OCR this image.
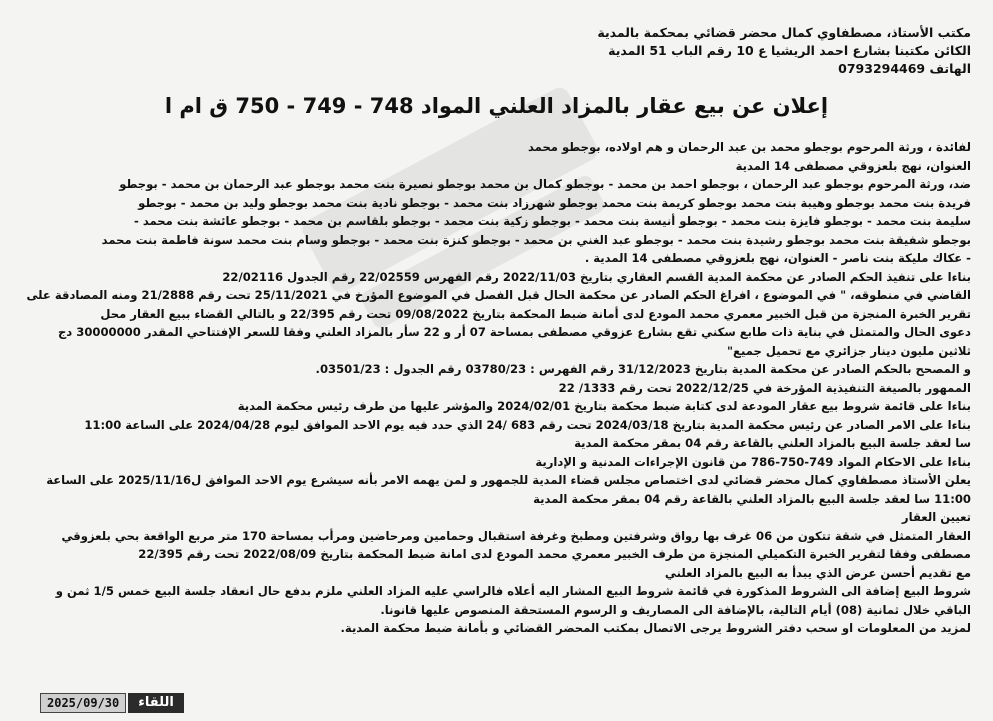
مكتب الأستاذ، مصطفاوي كمال محضر قضائي بمحكمة بالمدية
الكائن مكتبنا بشارع احمد الريشيا ع 10 رقم الباب 51 المدية
الهاتف 0793294469
إعلان عن بيع عقار بالمزاد العلني المواد 748 - 749 - 750 ق ام ا
لفائدة ، ورثة المرحوم بوجطو محمد بن عبد الرحمان و هم اولاده، بوجطو محمد
العنوان، نهج بلعزوقي مصطفى 14 المدية
ضد، ورثة المرحوم بوجطو عبد الرحمان ، بوجطو احمد بن محمد - بوجطو كمال بن محمد بوجطو نصيرة بنت محمد بوجطو عبد الرحمان بن محمد - بوجطو
فريدة بنت محمد بوجطو وهيبة بنت محمد بوجطو كريمة بنت محمد بوجطو شهرزاد بنت محمد - بوجطو نادية بنت محمد بوجطو وليد بن محمد - بوجطو
سليمة بنت محمد - بوجطو فايزة بنت محمد - بوجطو أنيسة بنت محمد - بوجطو زكية بنت محمد - بوجطو بلقاسم بن محمد - بوجطو عائشة بنت محمد -
بوجطو شفيقة بنت محمد بوجطو رشيدة بنت محمد - بوجطو عبد الغني بن محمد - بوجطو كنزة بنت محمد - بوجطو وسام بنت محمد سونة فاطمة بنت محمد
- عكاك مليكة بنت ناصر - العنوان، نهج بلعزوقي مصطفى 14 المدية .
بناءا على تنفيذ الحكم الصادر عن محكمة المدية القسم العقاري بتاريخ 2022/11/03 رقم الفهرس 22/02559 رقم الجدول 22/02116
القاضي في منطوقه، " في الموضوع ، افراغ الحكم الصادر عن محكمة الحال قبل الفصل في الموضوع المؤرخ في 25/11/2021 تحت رقم 21/2888 ومنه المصادقة على
تقرير الخبرة المنجزة من قبل الخبير معمري محمد المودع لدى أمانة ضبط المحكمة بتاريخ 09/08/2022 تحت رقم 22/395 و بالتالي القضاء ببيع العقار محل
دعوى الحال والمتمثل في بناية ذات طابع سكني تقع بشارع عزوقي مصطفى بمساحة 07 أر و 22 سأر بالمزاد العلني وفقا للسعر الإفتتاحي المقدر 30000000 دج
ثلاثين مليون دينار جزائري مع تحميل جميع"
و المصحح بالحكم الصادر عن محكمة المدية بتاريخ 31/12/2023 رقم الفهرس : 03780/23 رقم الجدول : 03501/23.
الممهور بالصيغة التنفيذية المؤرخة في 2022/12/25 تحت رقم 1333/ 22
بناءا على قائمة شروط بيع عقار المودعة لدى كتابة ضبط محكمة بتاريخ 2024/02/01 والمؤشر عليها من طرف رئيس محكمة المدية
بناءا على الامر الصادر عن رئيس محكمة المدية بتاريخ 2024/03/18 تحت رقم 683 /24 الذي حدد فيه يوم الاحد الموافق ليوم 2024/04/28 على الساعة 11:00
سا لعقد جلسة البيع بالمزاد العلني بالقاعة رقم 04 بمقر محكمة المدية
بناءا على الاحكام المواد 749-750-786 من قانون الإجراءات المدنية و الإدارية
يعلن الأستاذ مصطفاوي كمال محضر قضائي لدى اختصاص مجلس قضاء المدية للجمهور و لمن يهمه الامر بأنه سيشرع يوم الاحد الموافق ل2025/11/16 على الساعة
11:00 سا لعقد جلسة البيع بالمزاد العلني بالقاعة رقم 04 بمقر محكمة المدية
تعيين العقار
العقار المتمثل في شقة تتكون من 06 غرف بها رواق وشرفتين ومطبخ وغرفة استقبال وحمامين ومرحاضين ومرأب بمساحة 170 متر مربع الواقعة بحي بلعزوقي
مصطفى وفقا لتقرير الخبرة التكميلي المنجزة من طرف الخبير معمري محمد المودع لدى امانة ضبط المحكمة بتاريخ 2022/08/09 تحت رقم 22/395
مع تقديم أحسن عرض الذي يبدأ به البيع بالمزاد العلني
شروط البيع إضافة الى الشروط المذكورة في قائمة شروط البيع المشار اليه أعلاه فالراسي عليه المزاد العلني ملزم بدفع حال انعقاد جلسة البيع خمس 1/5 ثمن و
الباقي خلال ثمانية (08) أيام التالية، بالإضافة الى المصاريف و الرسوم المستحقة المنصوص عليها قانونا.
لمزيد من المعلومات او سحب دفتر الشروط يرجى الاتصال بمكتب المحضر القضائي و بأمانة ضبط محكمة المدية.
2025/09/30	اللقاء
